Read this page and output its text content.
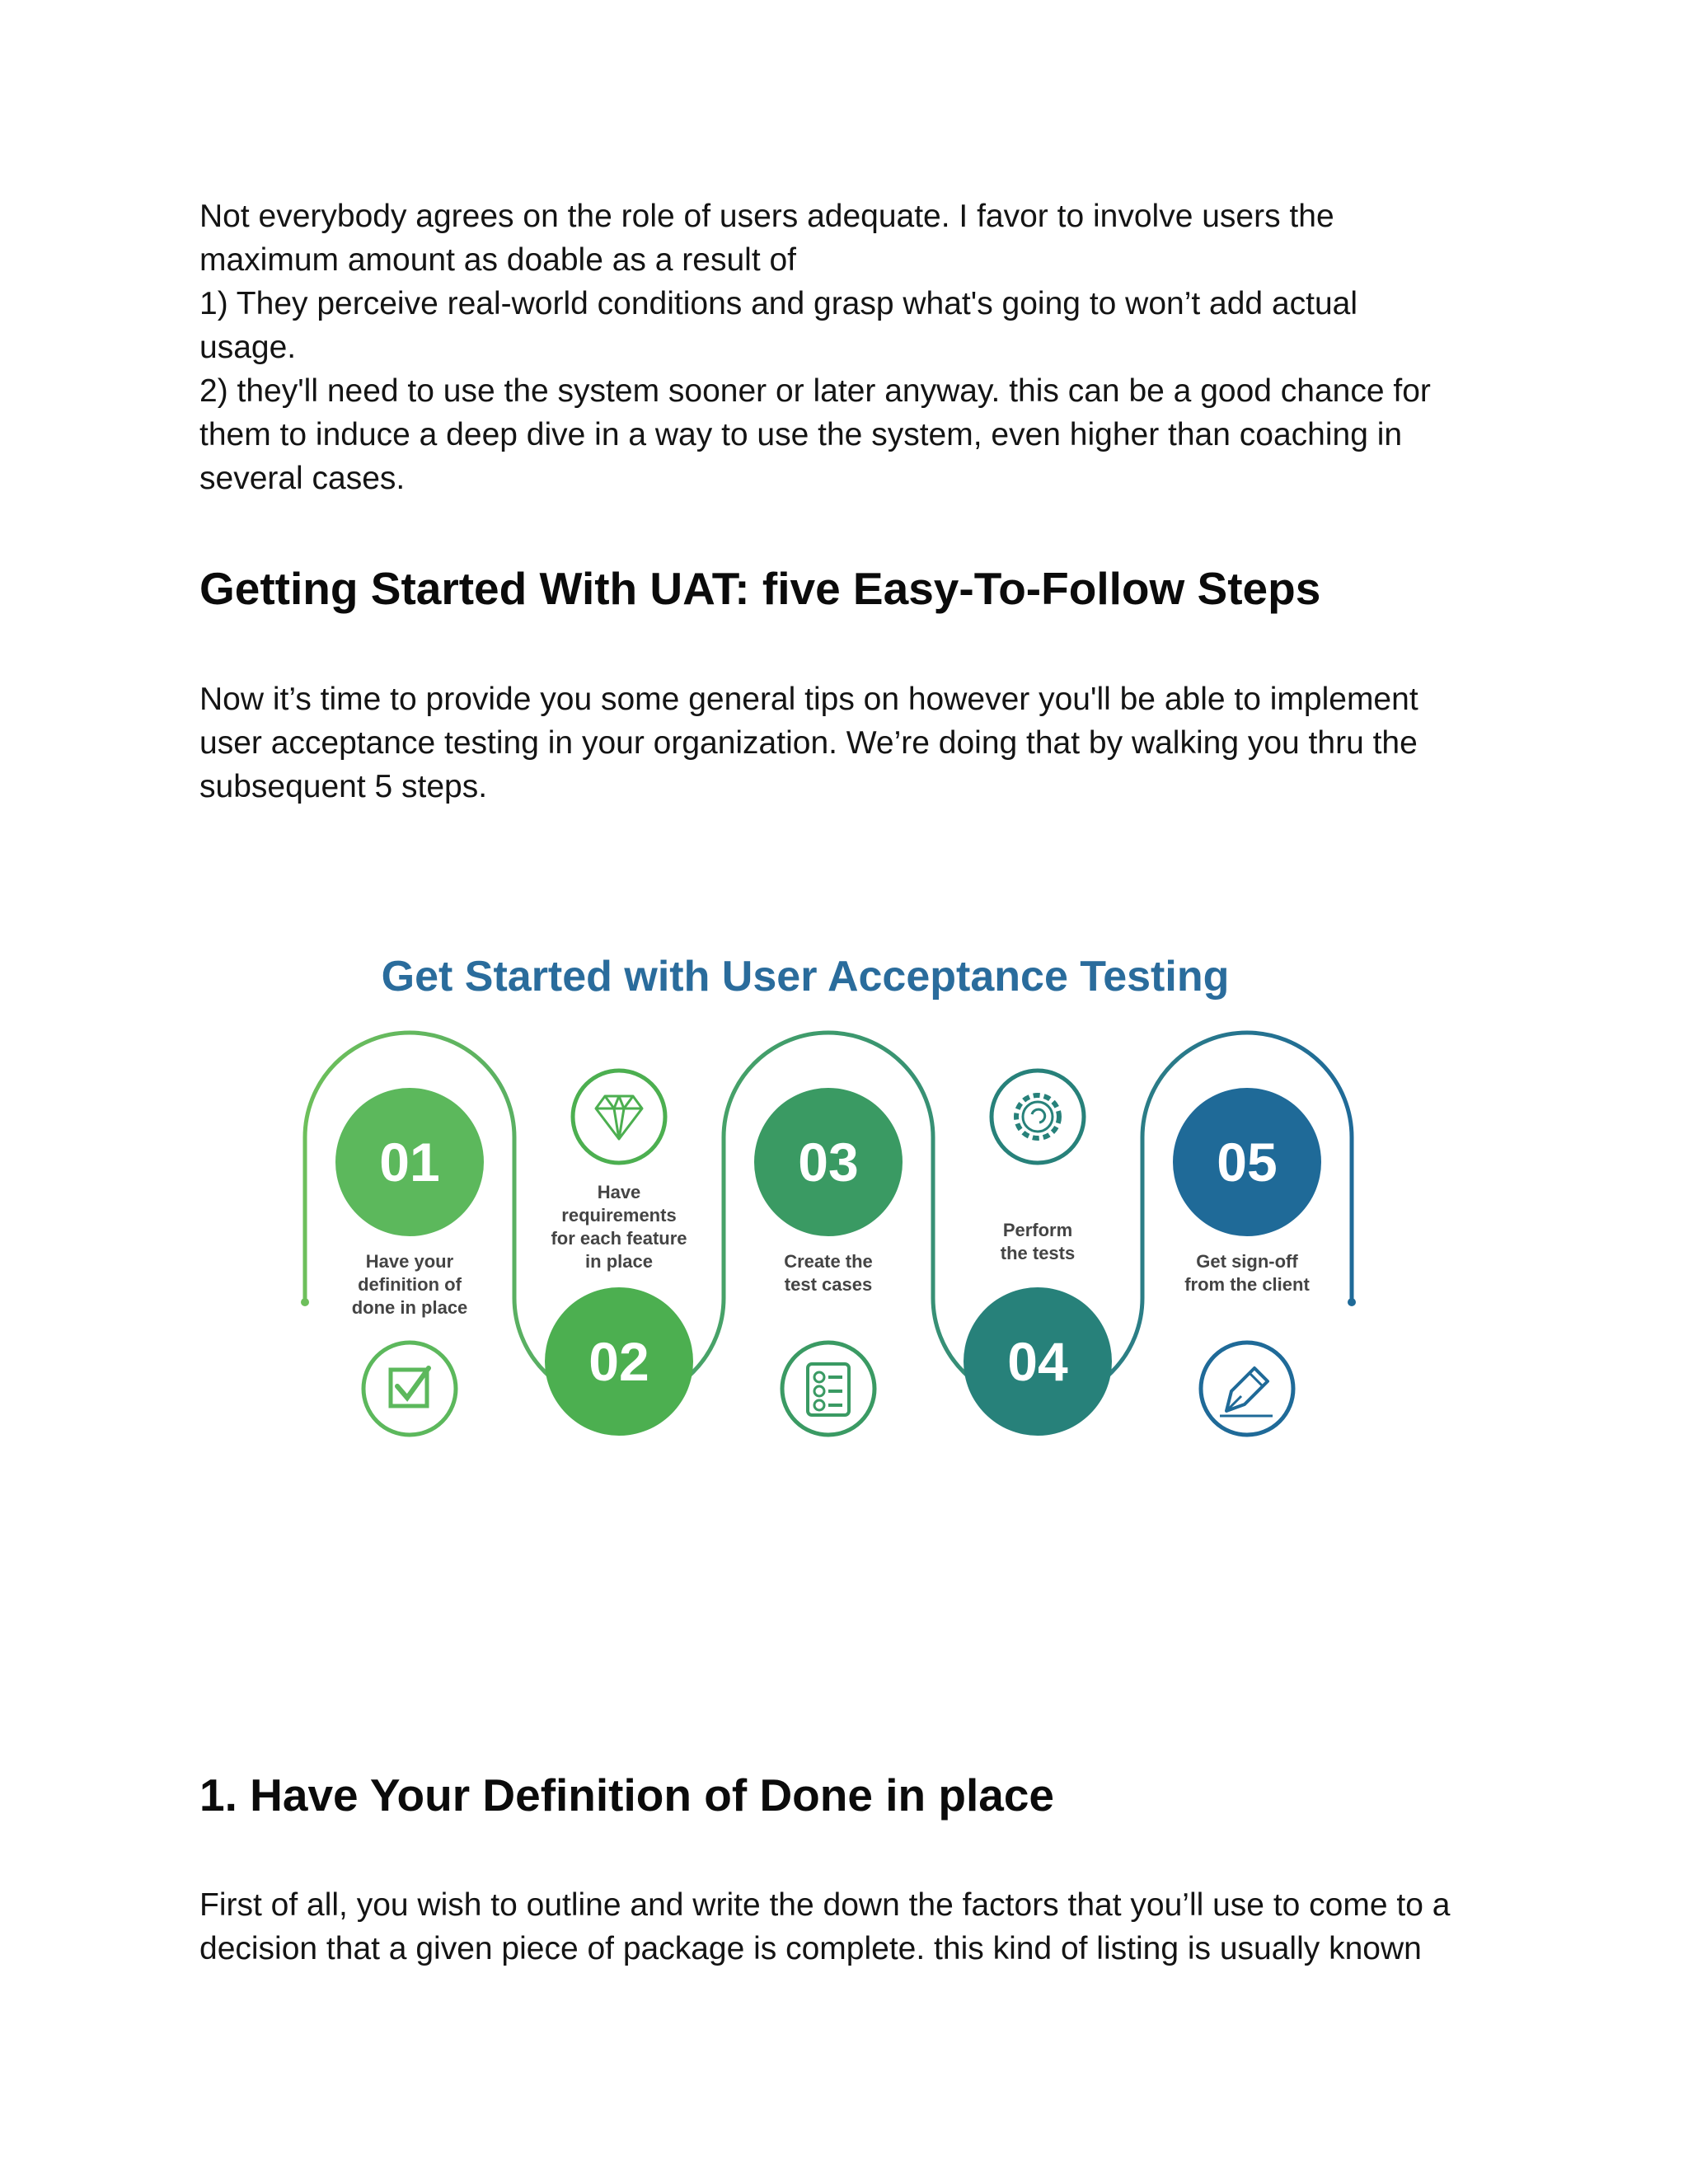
Not everybody agrees on the role of users adequate. I favor to involve users the
maximum amount as doable as a result of
1) They perceive real-world conditions and grasp what's going to won’t add actual
usage.
2) they'll need to use the system sooner or later anyway. this can be a good chance for
them to induce a deep dive in a way to use the system, even higher than coaching in
several cases.

Getting Started With UAT: five Easy-To-Follow Steps

Now it’s time to provide you some general tips on however you'll be able to implement
user acceptance testing in your organization. We’re doing that by walking you thru the
subsequent 5 steps.

Get Started with User Acceptance Testing
01
Have your
definition of
done in place
Have
requirements
for each feature
in place
02
03
Create the
test cases
Perform
the tests
04
05
Get sign-off
from the client
1. Have Your Definition of Done in place

First of all, you wish to outline and write the down the factors that you’ll use to come to a
decision that a given piece of package is complete. this kind of listing is usually known
